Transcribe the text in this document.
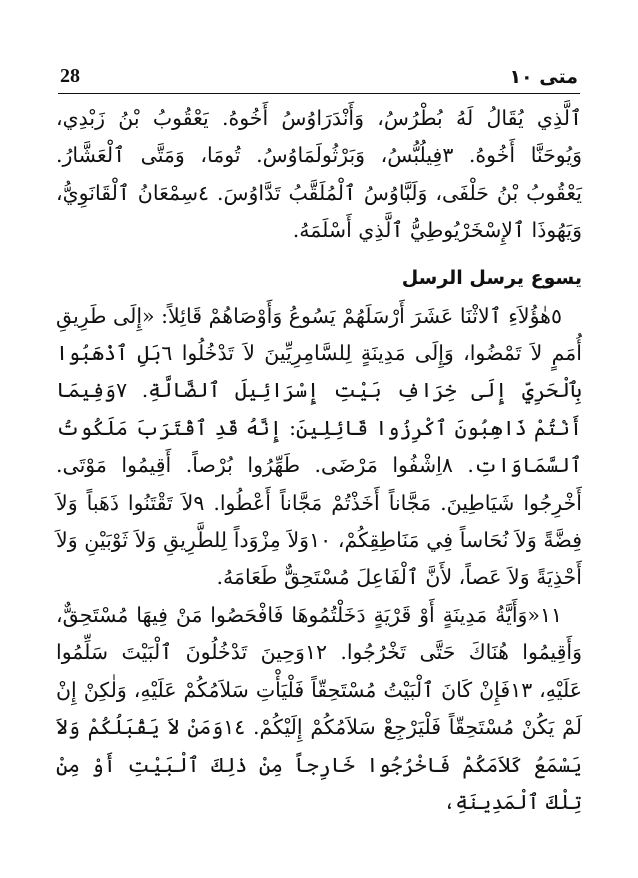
28	متى ١٠

ٱلَّذِي يُقَالُ لَهُ بُطْرُسُ، وَأَنْدَرَاوُسُ أَخُوهُ. يَعْقُوبُ بْنُ زَبْدِي، وَيُوحَنَّا أَخُوهُ. ٣فِيلُبُّسُ، وَبَرْثُولَمَاوُسُ. تُومَا، وَمَتَّى ٱلْعَشَّارُ. يَعْقُوبُ بْنُ حَلْفَى، وَلَبَّاوُسُ ٱلْمُلَقَّبُ تَدَّاوُسَ. ٤سِمْعَانُ ٱلْقَانَوِيُّ، وَيَهُوذَا ٱلإِسْخَرْيُوطِيُّ ٱلَّذِي أَسْلَمَهُ.

يسوع يرسل الرسل

٥هٰؤُلاَءِ ٱلاثْنَا عَشَرَ أَرْسَلَهُمْ يَسُوعُ وَأَوْصَاهُمْ قَائِلاً: «إِلَى طَرِيقِ أُمَمٍ لاَ تَمْضُوا، وَإِلَى مَدِينَةٍ لِلسَّامِرِيِّينَ لاَ تَدْخُلُوا ٦بَلِ ٱذْهَبُوا بِٱلْحَرِيِّ إِلَى خِرَافِ بَيْتِ إِسْرَائِيلَ ٱلضَّالَّةِ. ٧وَفِيمَا أَنْتُمْ ذَاهِبُونَ ٱكْرِزُوا قَائِلِينَ: إِنَّهُ قَدِ ٱقْتَرَبَ مَلَكُوتُ ٱلسَّمَاوَاتِ. ٨اِشْفُوا مَرْضَى. طَهِّرُوا بُرْصاً. أَقِيمُوا مَوْتَى. أَخْرِجُوا شَيَاطِينَ. مَجَّاناً أَخَذْتُمْ مَجَّاناً أَعْطُوا. ٩لاَ تَقْتَنُوا ذَهَباً وَلاَ فِضَّةً وَلاَ نُحَاساً فِي مَنَاطِقِكُمْ، ١٠وَلاَ مِزْوَداً لِلطَّرِيقِ وَلاَ ثَوْبَيْنِ وَلاَ أَحْذِيَةً وَلاَ عَصاً، لأَنَّ ٱلْفَاعِلَ مُسْتَحِقٌّ طَعَامَهُ.

١١«وَأَيَّةُ مَدِينَةٍ أَوْ قَرْيَةٍ دَخَلْتُمُوهَا فَافْحَصُوا مَنْ فِيهَا مُسْتَحِقٌّ، وَأَقِيمُوا هُنَاكَ حَتَّى تَخْرُجُوا. ١٢وَحِينَ تَدْخُلُونَ ٱلْبَيْتَ سَلِّمُوا عَلَيْهِ، ١٣فَإِنْ كَانَ ٱلْبَيْتُ مُسْتَحِقّاً فَلْيَأْتِ سَلاَمُكُمْ عَلَيْهِ، وَلٰكِنْ إِنْ لَمْ يَكُنْ مُسْتَحِقّاً فَلْيَرْجِعْ سَلاَمُكُمْ إِلَيْكُمْ. ١٤وَمَنْ لاَ يَقْبَلُكُمْ وَلاَ يَسْمَعُ كَلاَمَكُمْ فَاخْرُجُوا خَارِجاً مِنْ ذٰلِكَ ٱلْبَيْتِ أَوْ مِنْ تِلْكَ ٱلْمَدِينَةِ،
